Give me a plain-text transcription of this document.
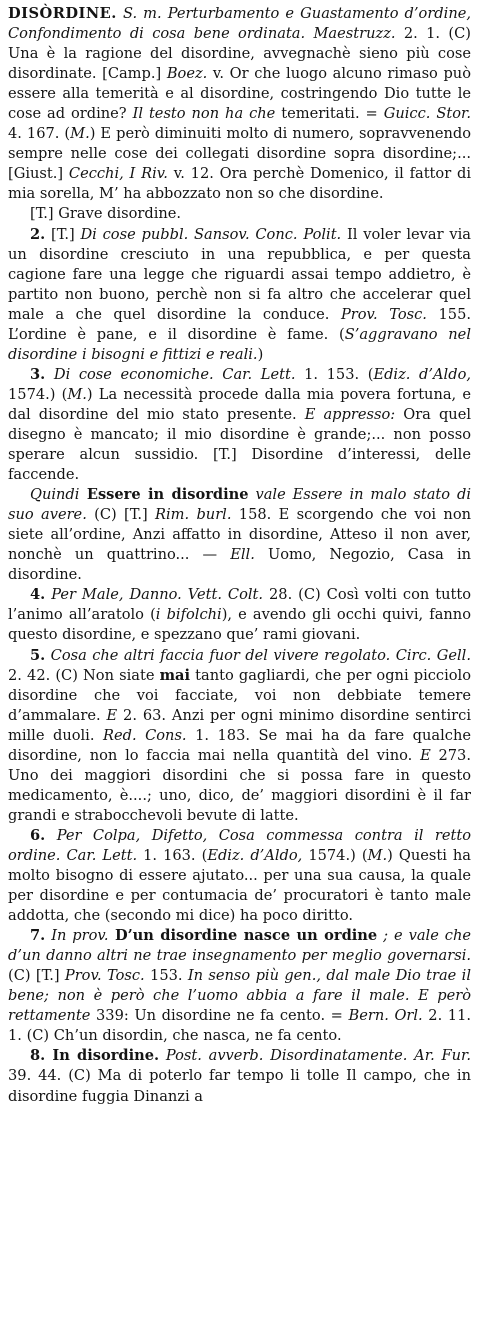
DISÒRDINE. S. m. Perturbamento e Guastamento d’ordine, Confondimento di cosa bene ordinata. Maestruzz. 2. 1. (C) Una è la ragione del disordine, avvegnachè sieno più cose disordinate. [Camp.] Boez. v. Or che luogo alcuno rimaso può essere alla temerità e al disordine, costringendo Dio tutte le cose ad ordine? Il testo non ha che temeritati. = Guicc. Stor. 4. 167. (M.) E però diminuiti molto di numero, sopravvenendo sempre nelle cose dei collegati disordine sopra disordine;... [Giust.] Cecchi, I Riv. v. 12. Ora perchè Domenico, il fattor di mia sorella, M’ ha abbozzato non so che disordine.

[T.] Grave disordine.

2. [T.] Di cose pubbl. Sansov. Conc. Polit. Il voler levar via un disordine cresciuto in una repubblica, e per questa cagione fare una legge che riguardi assai tempo addietro, è partito non buono, perchè non si fa altro che accelerar quel male a che quel disordine la conduce. Prov. Tosc. 155. L’ordine è pane, e il disordine è fame. (S’aggravano nel disordine i bisogni e fittizi e reali.)

3. Di cose economiche. Car. Lett. 1. 153. (Ediz. d’Aldo, 1574.) (M.) La necessità procede dalla mia povera fortuna, e dal disordine del mio stato presente. E appresso: Ora quel disegno è mancato; il mio disordine è grande;... non posso sperare alcun sussidio. [T.] Disordine d’interessi, delle faccende.

Quindi Essere in disordine vale Essere in malo stato di suo avere. (C) [T.] Rim. burl. 158. E scorgendo che voi non siete all’ordine, Anzi affatto in disordine, Atteso il non aver, nonchè un quattrino... — Ell. Uomo, Negozio, Casa in disordine.

4. Per Male, Danno. Vett. Colt. 28. (C) Così volti con tutto l’animo all’aratolo (i bifolchi), e avendo gli occhi quivi, fanno questo disordine, e spezzano que’ rami giovani.

5. Cosa che altri faccia fuor del vivere regolato. Circ. Gell. 2. 42. (C) Non siate mai tanto gagliardi, che per ogni picciolo disordine che voi facciate, voi non debbiate temere d’ammalare. E 2. 63. Anzi per ogni minimo disordine sentirci mille duoli. Red. Cons. 1. 183. Se mai ha da fare qualche disordine, non lo faccia mai nella quantità del vino. E 273. Uno dei maggiori disordini che si possa fare in questo medicamento, è....; uno, dico, de’ maggiori disordini è il far grandi e strabocchevoli bevute di latte.

6. Per Colpa, Difetto, Cosa commessa contra il retto ordine. Car. Lett. 1. 163. (Ediz. d’Aldo, 1574.) (M.) Questi ha molto bisogno di essere ajutato... per una sua causa, la quale per disordine e per contumacia de’ procuratori è tanto male addotta, che (secondo mi dice) ha poco diritto.

7. In prov. D’un disordine nasce un ordine ; e vale che d’un danno altri ne trae insegnamento per meglio governarsi. (C) [T.] Prov. Tosc. 153. In senso più gen., dal male Dio trae il bene; non è però che l’uomo abbia a fare il male. E però rettamente 339: Un disordine ne fa cento. = Bern. Orl. 2. 11. 1. (C) Ch’un disordin, che nasca, ne fa cento.

8. In disordine. Post. avverb. Disordinatamente. Ar. Fur. 39. 44. (C) Ma di poterlo far tempo li tolle Il campo, che in disordine fuggia Dinanzi a
